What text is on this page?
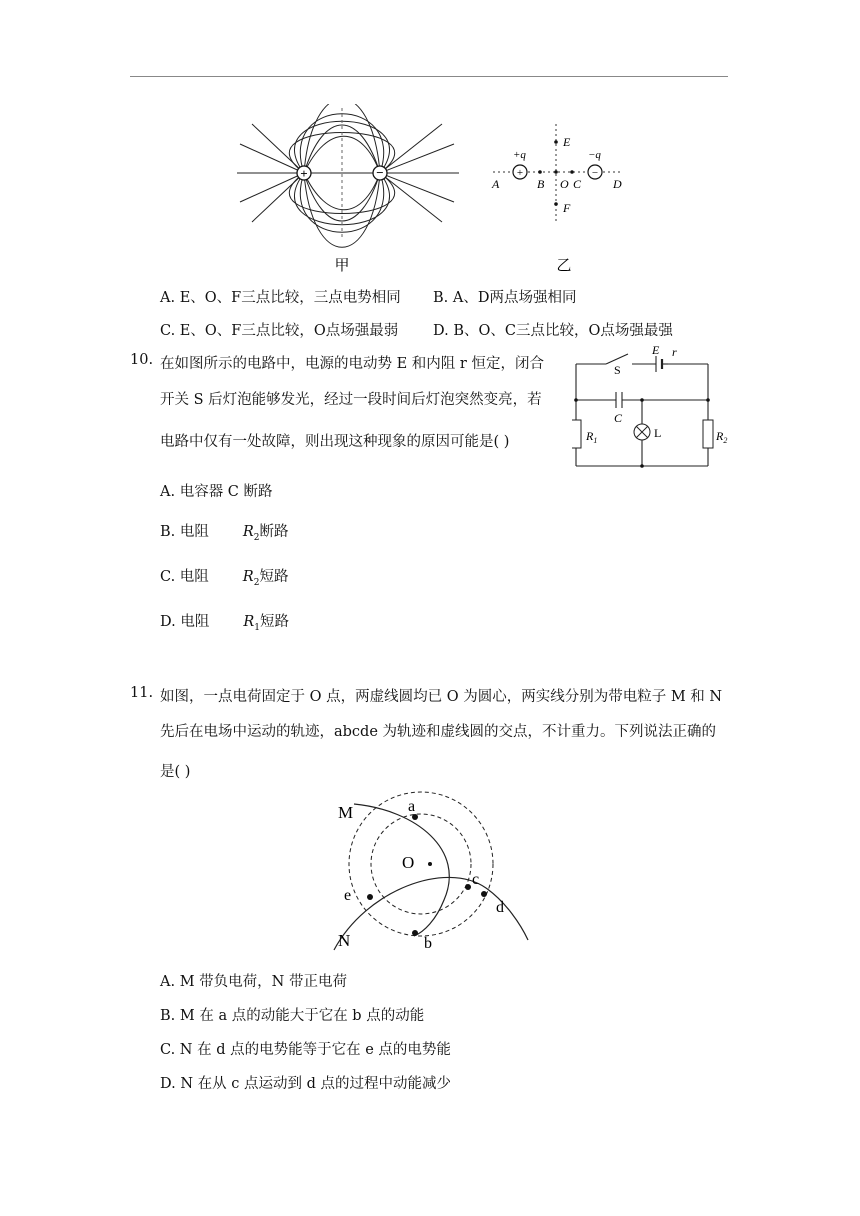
+	−
甲
+	−
+q	−q
A	B O C	D
E
F
乙
A. E、O、F三点比较，三点电势相同 B. A、D两点场强相同
C. E、O、F三点比较，O点场强最弱 D. B、O、C三点比较，O点场强最强
10. 在如图所示的电路中，电源的电动势 E 和内阻 r 恒定，闭合
开关 S 后灯泡能够发光，经过一段时间后灯泡突然变亮，若
电路中仅有一处故障，则出现这种现象的原因可能是( )
S
E r
C
$R_1$
L	$R_2$
A. 电容器 C 断路
B. 电阻 $R_2$断路
C. 电阻 $R_2$短路
D. 电阻 $R_1$短路
11. 如图，一点电荷固定于 O 点，两虚线圆均已 O 为圆心，两实线分别为带电粒子 M 和 N
先后在电场中运动的轨迹，abcde 为轨迹和虚线圆的交点，不计重力。下列说法正确的
是( )
M
N
O
a
b
c
d
e
A. M 带负电荷，N 带正电荷
B. M 在 a 点的动能大于它在 b 点的动能
C. N 在 d 点的电势能等于它在 e 点的电势能
D. N 在从 c 点运动到 d 点的过程中动能减少
